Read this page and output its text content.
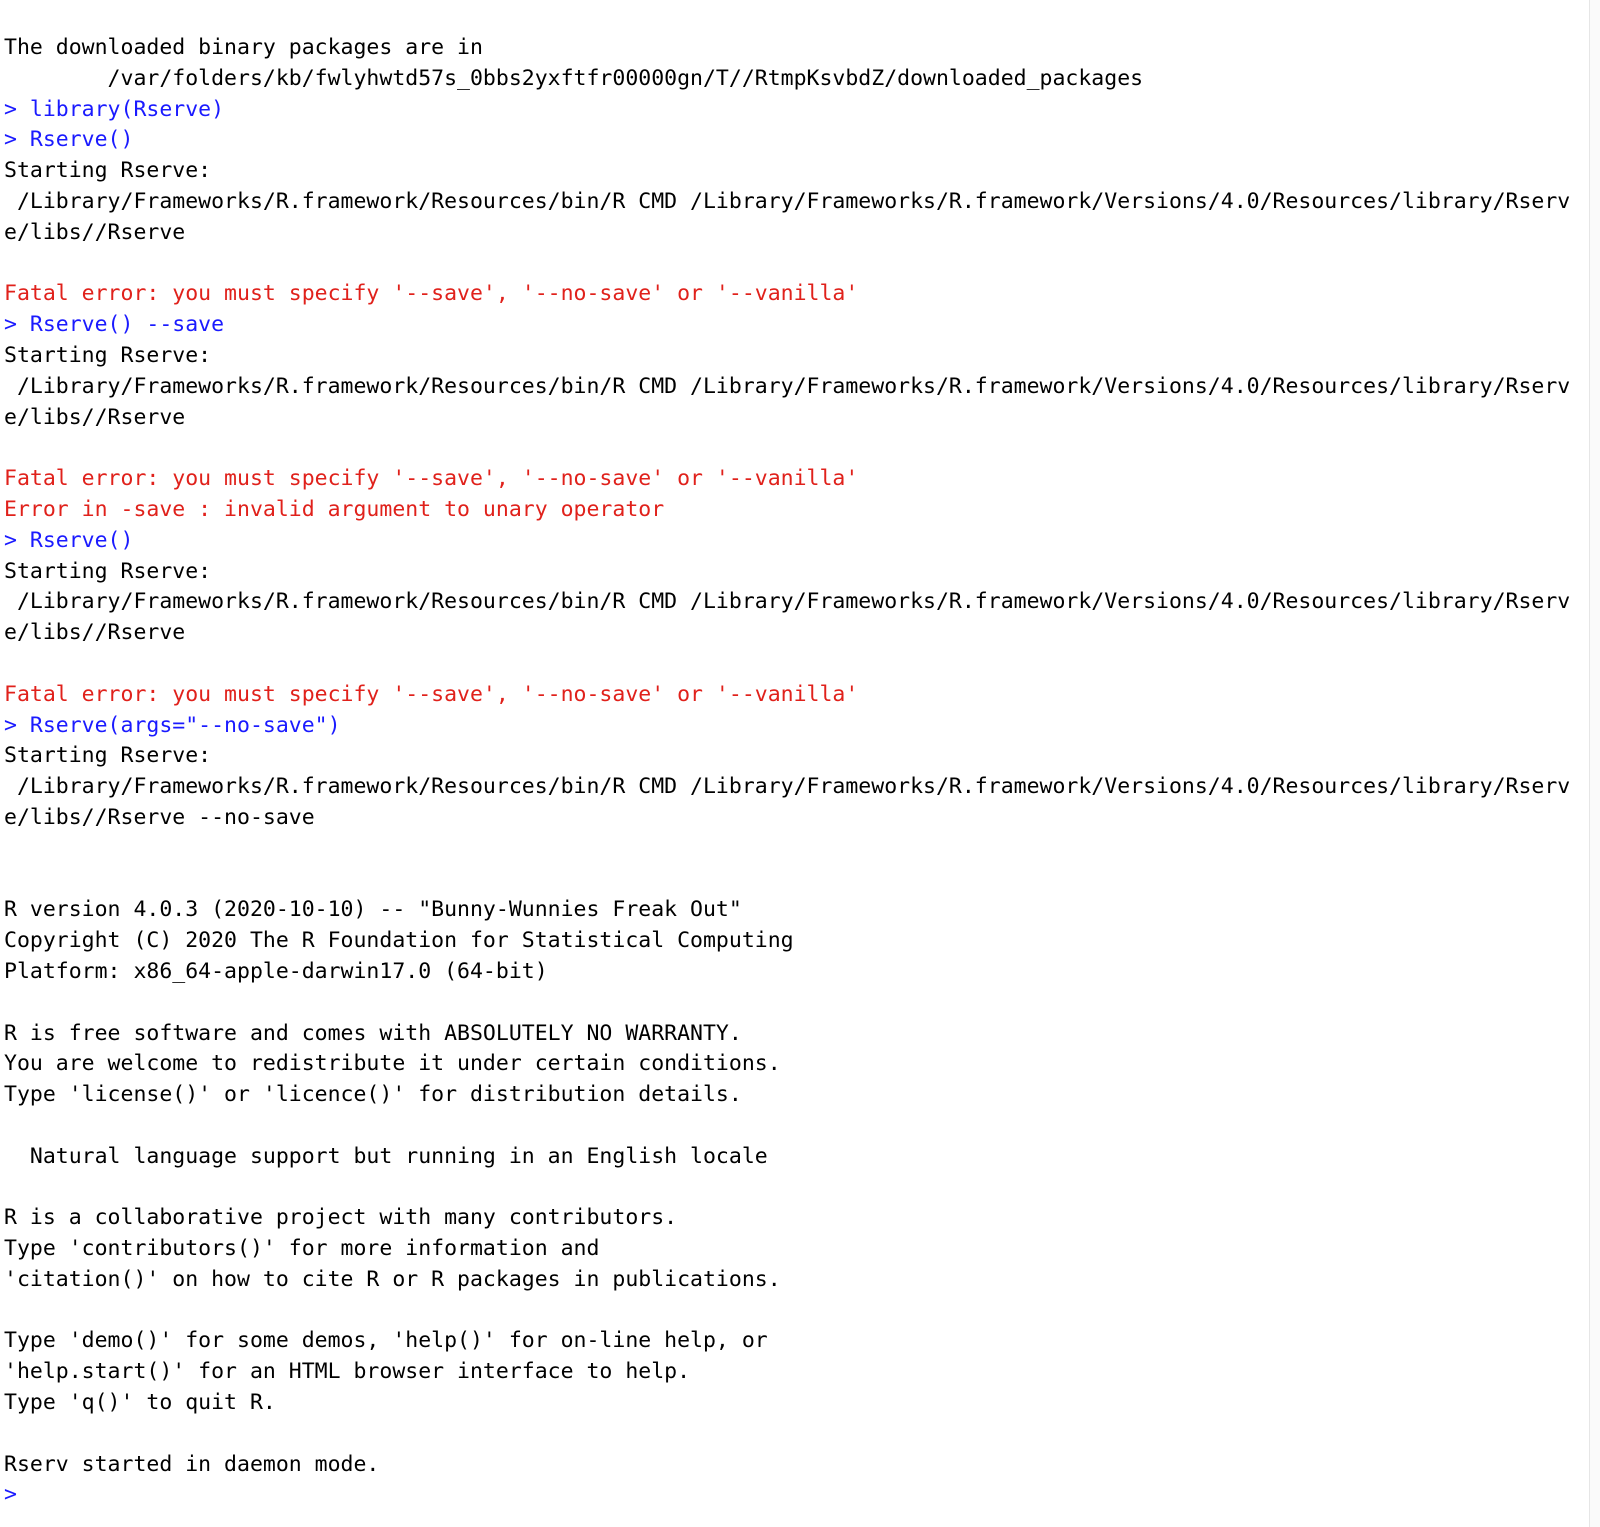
The downloaded binary packages are in
/var/folders/kb/fwlyhwtd57s_0bbs2yxftfr00000gn/T//RtmpKsvbdZ/downloaded_packages
> library(Rserve)
> Rserve()
Starting Rserve:
/Library/Frameworks/R.framework/Resources/bin/R CMD /Library/Frameworks/R.framework/Versions/4.0/Resources/library/Rserv
e/libs//Rserve
Fatal error: you must specify '--save', '--no-save' or '--vanilla'
> Rserve() --save
Starting Rserve:
/Library/Frameworks/R.framework/Resources/bin/R CMD /Library/Frameworks/R.framework/Versions/4.0/Resources/library/Rserv
e/libs//Rserve
Fatal error: you must specify '--save', '--no-save' or '--vanilla'
Error in -save : invalid argument to unary operator
> Rserve()
Starting Rserve:
/Library/Frameworks/R.framework/Resources/bin/R CMD /Library/Frameworks/R.framework/Versions/4.0/Resources/library/Rserv
e/libs//Rserve
Fatal error: you must specify '--save', '--no-save' or '--vanilla'
> Rserve(args="--no-save")
Starting Rserve:
/Library/Frameworks/R.framework/Resources/bin/R CMD /Library/Frameworks/R.framework/Versions/4.0/Resources/library/Rserv
e/libs//Rserve --no-save
R version 4.0.3 (2020-10-10) -- "Bunny-Wunnies Freak Out"
Copyright (C) 2020 The R Foundation for Statistical Computing
Platform: x86_64-apple-darwin17.0 (64-bit)
R is free software and comes with ABSOLUTELY NO WARRANTY.
You are welcome to redistribute it under certain conditions.
Type 'license()' or 'licence()' for distribution details.
Natural language support but running in an English locale
R is a collaborative project with many contributors.
Type 'contributors()' for more information and
'citation()' on how to cite R or R packages in publications.
Type 'demo()' for some demos, 'help()' for on-line help, or
'help.start()' for an HTML browser interface to help.
Type 'q()' to quit R.
Rserv started in daemon mode.
>
